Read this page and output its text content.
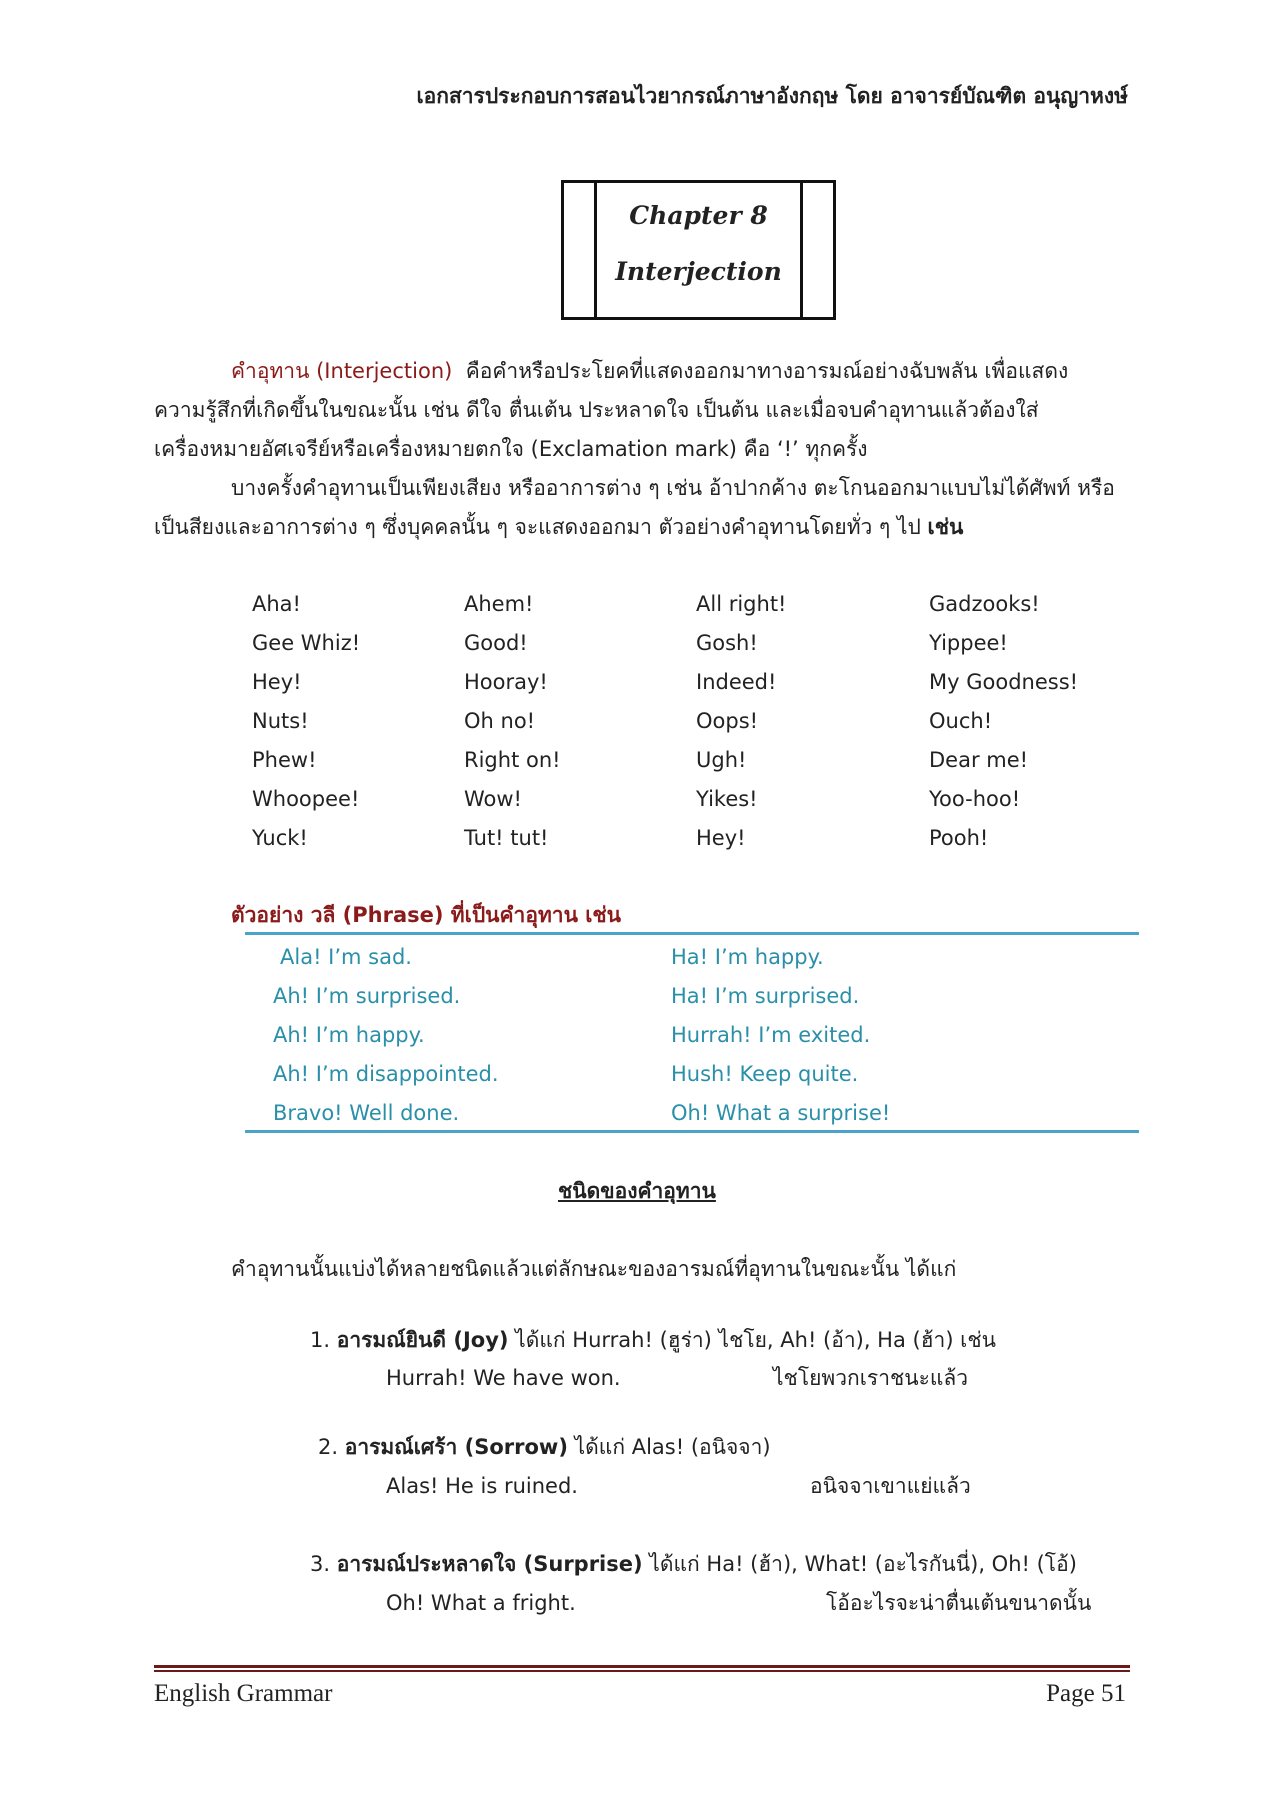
เอกสารประกอบการสอนไวยากรณ์ภาษาอังกฤษ โดย อาจารย์บัณฑิต อนุญาหงษ์
Chapter 8
Interjection
คำอุทาน (Interjection) คือคำหรือประโยคที่แสดงออกมาทางอารมณ์อย่างฉับพลัน เพื่อแสดง
ความรู้สึกที่เกิดขึ้นในขณะนั้น เช่น ดีใจ ตื่นเต้น ประหลาดใจ เป็นต้น และเมื่อจบคำอุทานแล้วต้องใส่
เครื่องหมายอัศเจรีย์หรือเครื่องหมายตกใจ (Exclamation mark) คือ ‘!’ ทุกครั้ง
บางครั้งคำอุทานเป็นเพียงเสียง หรืออาการต่าง ๆ เช่น อ้าปากค้าง ตะโกนออกมาแบบไม่ได้ศัพท์ หรือ
เป็นสียงและอาการต่าง ๆ ซึ่งบุคคลนั้น ๆ จะแสดงออกมา ตัวอย่างคำอุทานโดยทั่ว ๆ ไป เช่น
ตัวอย่าง วลี (Phrase) ที่เป็นคำอุทาน เช่น
ชนิดของคำอุทาน
คำอุทานนั้นแบ่งได้หลายชนิดแล้วแต่ลักษณะของอารมณ์ที่อุทานในขณะนั้น ได้แก่
English Grammar	Page 51
Aha!	Ahem!	All right!	Gadzooks!
Gee Whiz!	Good!	Gosh!	Yippee!
Hey!	Hooray!	Indeed!	My Goodness!
Nuts!	Oh no!	Oops!	Ouch!
Phew!	Right on!	Ugh!	Dear me!
Whoopee!	Wow!	Yikes!	Yoo-hoo!
Yuck!	Tut! tut!	Hey!	Pooh!
Ala! I’m sad.	Ha! I’m happy.
Ah! I’m surprised.	Ha! I’m surprised.
Ah! I’m happy.	Hurrah! I’m exited.
Ah! I’m disappointed.	Hush! Keep quite.
Bravo! Well done.	Oh! What a surprise!
1. อารมณ์ยินดี (Joy) ได้แก่ Hurrah! (ฮูร่า) ไชโย, Ah! (อ้า), Ha (ฮ้า) เช่น
Hurrah! We have won.	ไชโยพวกเราชนะแล้ว
2. อารมณ์เศร้า (Sorrow) ได้แก่ Alas! (อนิจจา)
Alas! He is ruined.	อนิจจาเขาแย่แล้ว
3. อารมณ์ประหลาดใจ (Surprise) ได้แก่ Ha! (ฮ้า), What! (อะไรกันนี่), Oh! (โอ้)
Oh! What a fright.	โอ้อะไรจะน่าตื่นเต้นขนาดนั้น
